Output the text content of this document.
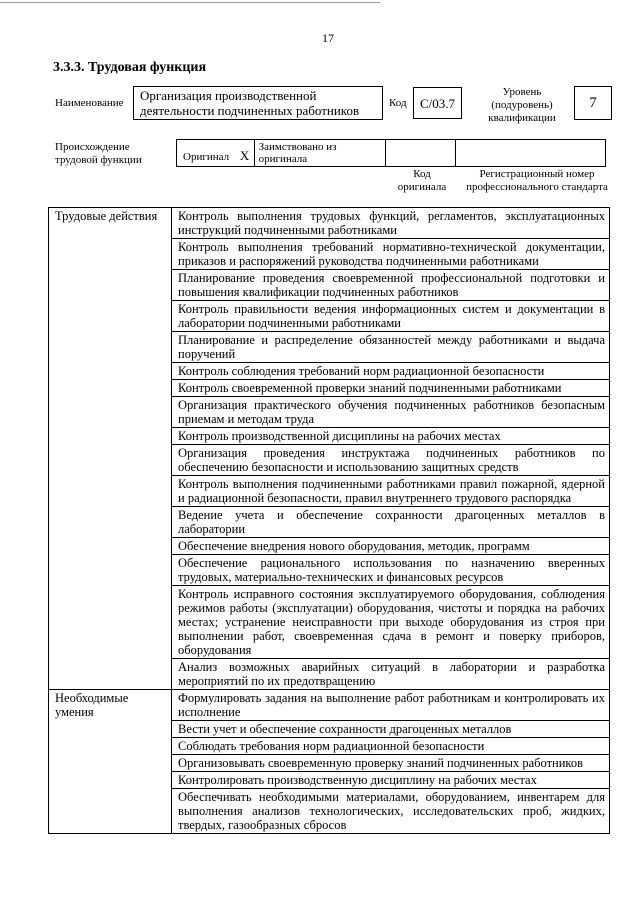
17
3.3.3. Трудовая функция
Наименование	Организация производственной деятельности подчиненных работников	Код	С/03.7
Уровень (подуровень) квалификации
7
Происхождение трудовой функции	Оригинал X
Заимствовано из оригинала
Код оригинала
Регистрационный номер профессионального стандарта
Трудовые действия	Контроль выполнения трудовых функций, регламентов, эксплуатационных инструкций подчиненными работниками
	Контроль выполнения требований нормативно-технической документации, приказов и распоряжений руководства подчиненными работниками
	Планирование проведения своевременной профессиональной подготовки и повышения квалификации подчиненных работников
	Контроль правильности ведения информационных систем и документации в лаборатории подчиненными работниками
	Планирование и распределение обязанностей между работниками и выдача поручений
	Контроль соблюдения требований норм радиационной безопасности
	Контроль своевременной проверки знаний подчиненными работниками
	Организация практического обучения подчиненных работников безопасным приемам и методам труда
	Контроль производственной дисциплины на рабочих местах
	Организация проведения инструктажа подчиненных работников по обеспечению безопасности и использованию защитных средств
	Контроль выполнения подчиненными работниками правил пожарной, ядерной и радиационной безопасности, правил внутреннего трудового распорядка
	Ведение учета и обеспечение сохранности драгоценных металлов в лаборатории
	Обеспечение внедрения нового оборудования, методик, программ
	Обеспечение рационального использования по назначению вверенных трудовых, материально-технических и финансовых ресурсов
	Контроль исправного состояния эксплуатируемого оборудования, соблюдения режимов работы (эксплуатации) оборудования, чистоты и порядка на рабочих местах; устранение неисправности при выходе оборудования из строя при выполнении работ, своевременная сдача в ремонт и поверку приборов, оборудования
	Анализ возможных аварийных ситуаций в лаборатории и разработка мероприятий по их предотвращению
Необходимые умения	Формулировать задания на выполнение работ работникам и контролировать их исполнение
	Вести учет и обеспечение сохранности драгоценных металлов
	Соблюдать требования норм радиационной безопасности
	Организовывать своевременную проверку знаний подчиненных работников
	Контролировать производственную дисциплину на рабочих местах
	Обеспечивать необходимыми материалами, оборудованием, инвентарем для выполнения анализов технологических, исследовательских проб, жидких, твердых, газообразных сбросов
